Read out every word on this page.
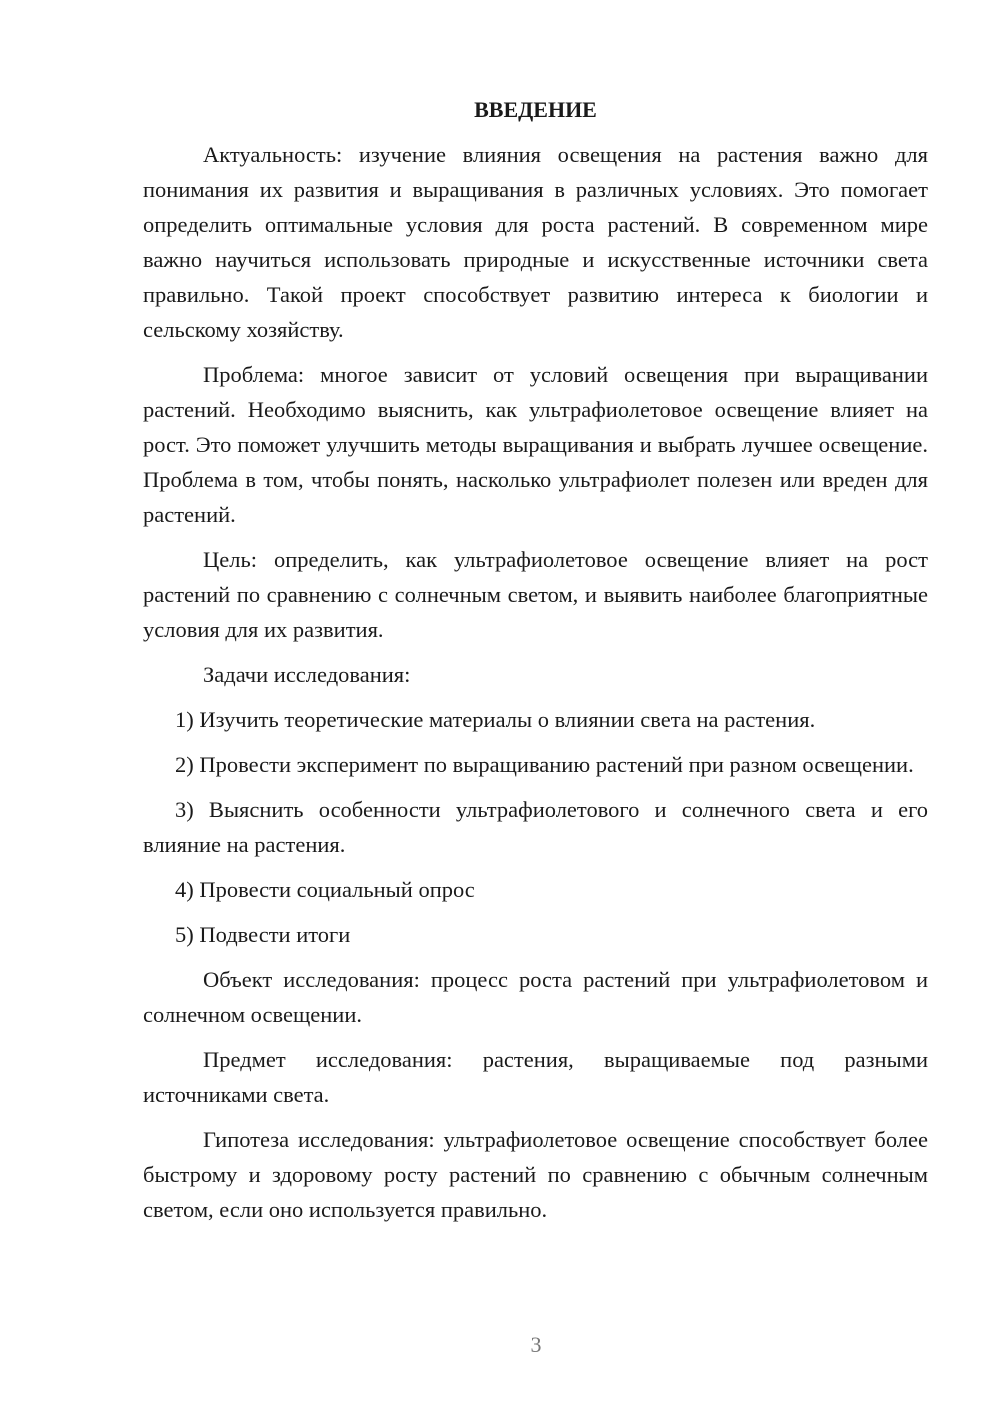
ВВЕДЕНИЕ

Актуальность: изучение влияния освещения на растения важно для понимания их развития и выращивания в различных условиях. Это помогает определить оптимальные условия для роста растений. В современном мире важно научиться использовать природные и искусственные источники света правильно. Такой проект способствует развитию интереса к биологии и сельскому хозяйству.

Проблема: многое зависит от условий освещения при выращивании растений. Необходимо выяснить, как ультрафиолетовое освещение влияет на рост. Это поможет улучшить методы выращивания и выбрать лучшее освещение. Проблема в том, чтобы понять, насколько ультрафиолет полезен или вреден для растений.

Цель: определить, как ультрафиолетовое освещение влияет на рост растений по сравнению с солнечным светом, и выявить наиболее благоприятные условия для их развития.

Задачи исследования:

1) Изучить теоретические материалы о влиянии света на растения.

2) Провести эксперимент по выращиванию растений при разном освещении.

3) Выяснить особенности ультрафиолетового и солнечного света и его влияние на растения.

4) Провести социальный опрос

5) Подвести итоги

Объект исследования: процесс роста растений при ультрафиолетовом и солнечном освещении.

Предмет исследования: растения, выращиваемые под разными источниками света.

Гипотеза исследования: ультрафиолетовое освещение способствует более быстрому и здоровому росту растений по сравнению с обычным солнечным светом, если оно используется правильно.

3
